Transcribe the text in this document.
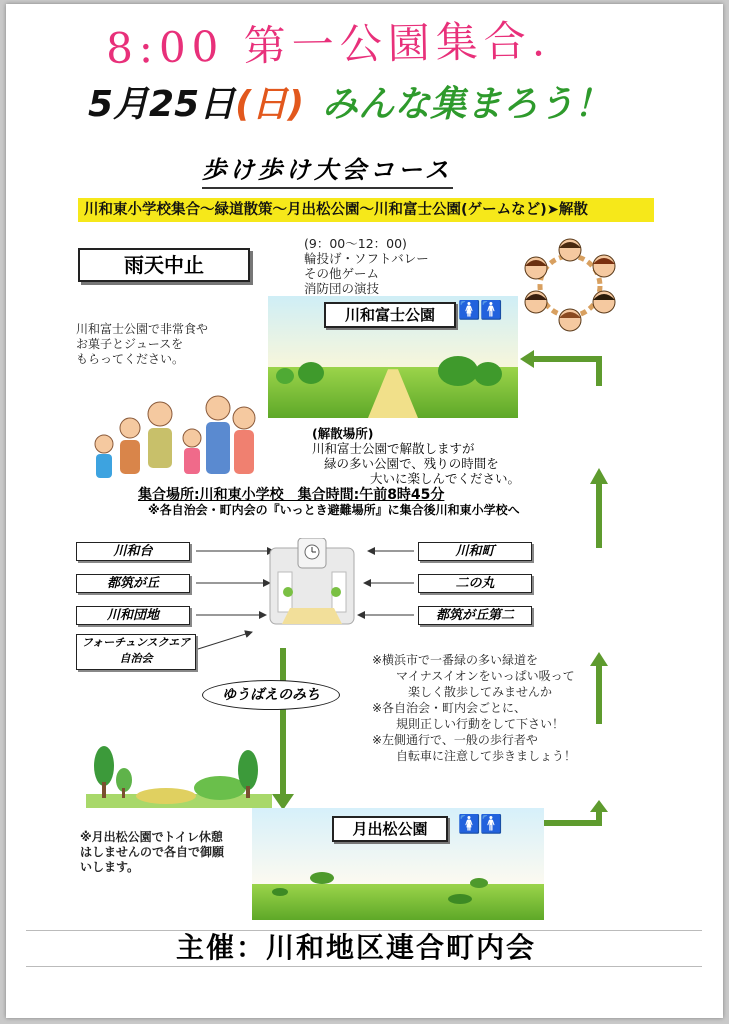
8:00 第一公園集合.
5月25日(日) みんな集まろう！
歩け歩け大会コース
川和東小学校集合〜緑道散策〜月出松公園〜川和富士公園(ゲームなど)➤解散
雨天中止
(9：00〜12：00)
輪投げ・ソフトバレー
その他ゲーム
消防団の演技
川和富士公園で非常食や
お菓子とジュースを
もらってください。
川和富士公園	🚺🚹
(解散場所)
川和富士公園で解散しますが
緑の多い公園で、残りの時間を
大いに楽しんでください。
集合場所:川和東小学校　集合時間:午前8時45分
※各自治会・町内会の『いっとき避難場所』に集合後川和東小学校へ
川和台
都筑が丘
川和団地
フォーチュンスクエア自治会
川和町
二の丸
都筑が丘第二
ゆうばえのみち
※横浜市で一番緑の多い緑道を
マイナスイオンをいっぱい吸って
楽しく散歩してみませんか
※各自治会・町内会ごとに、
規則正しい行動をして下さい！
※左側通行で、一般の歩行者や
自転車に注意して歩きましょう！
月出松公園	🚺🚹
※月出松公園でトイレ休憩
はしませんので各自で御願
いします。
主催：川和地区連合町内会
